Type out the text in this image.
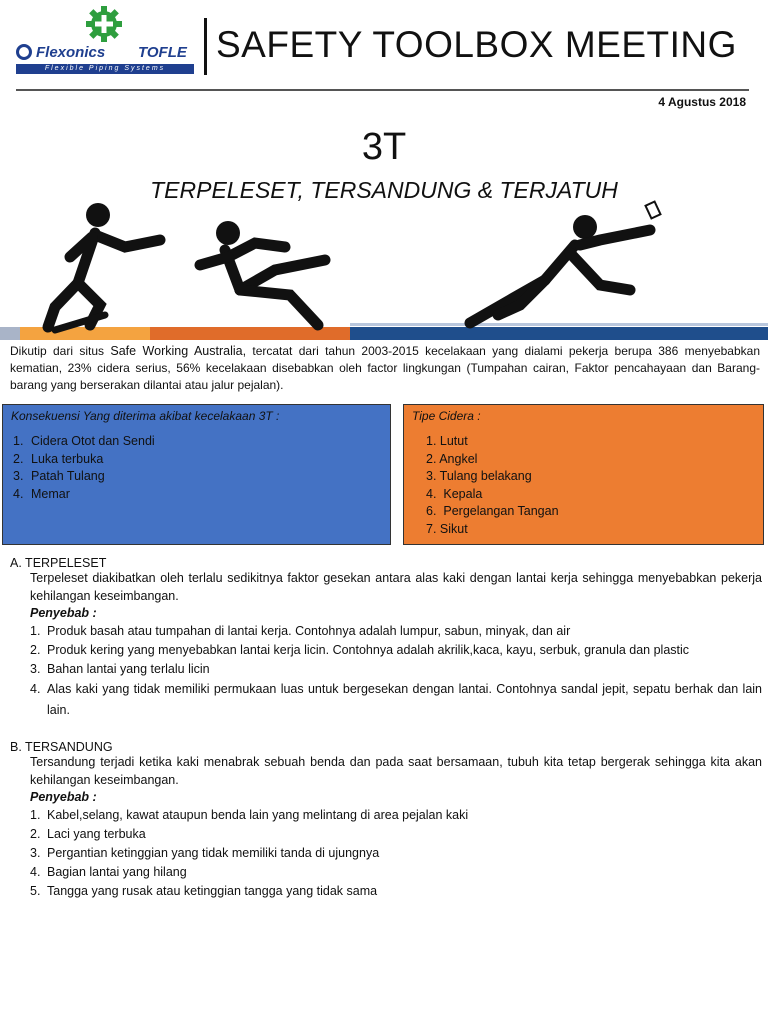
Flexonics TOFLE
Flexible Piping Systems
SAFETY TOOLBOX MEETING
4 Agustus 2018
3T
TERPELESET, TERSANDUNG & TERJATUH
Dikutip dari situs Safe Working Australia, tercatat dari tahun 2003-2015 kecelakaan yang dialami pekerja berupa 386 menyebabkan kematian, 23% cidera serius, 56% kecelakaan disebabkan oleh factor lingkungan (Tumpahan cairan, Faktor pencahayaan dan Barang-barang yang berserakan dilantai atau jalur pejalan).
Konsekuensi Yang diterima akibat kecelakaan 3T :
1. Cidera Otot dan Sendi
2. Luka terbuka
3. Patah Tulang
4. Memar
Tipe Cidera :
1. Lutut
2. Angkel
3. Tulang belakang
4.  Kepala
6.  Pergelangan Tangan
7. Sikut
A. TERPELESET
Terpeleset diakibatkan oleh terlalu sedikitnya faktor gesekan antara alas kaki dengan lantai kerja sehingga menyebabkan pekerja kehilangan keseimbangan.
Penyebab :
1. Produk basah atau tumpahan di lantai kerja. Contohnya adalah lumpur, sabun, minyak, dan air
2. Produk kering yang menyebabkan lantai kerja licin. Contohnya adalah akrilik,kaca, kayu, serbuk, granula dan plastic
3. Bahan lantai yang terlalu licin
4. Alas kaki yang tidak memiliki permukaan luas untuk bergesekan dengan lantai. Contohnya sandal jepit, sepatu berhak dan lain lain.
B. TERSANDUNG
Tersandung terjadi ketika kaki menabrak sebuah benda dan pada saat bersamaan, tubuh kita tetap bergerak sehingga kita akan kehilangan keseimbangan.
Penyebab :
1. Kabel,selang, kawat ataupun benda lain yang melintang di area pejalan kaki
2. Laci yang terbuka
3. Pergantian ketinggian yang tidak memiliki tanda di ujungnya
4. Bagian lantai yang hilang
5. Tangga yang rusak atau ketinggian tangga yang tidak sama
